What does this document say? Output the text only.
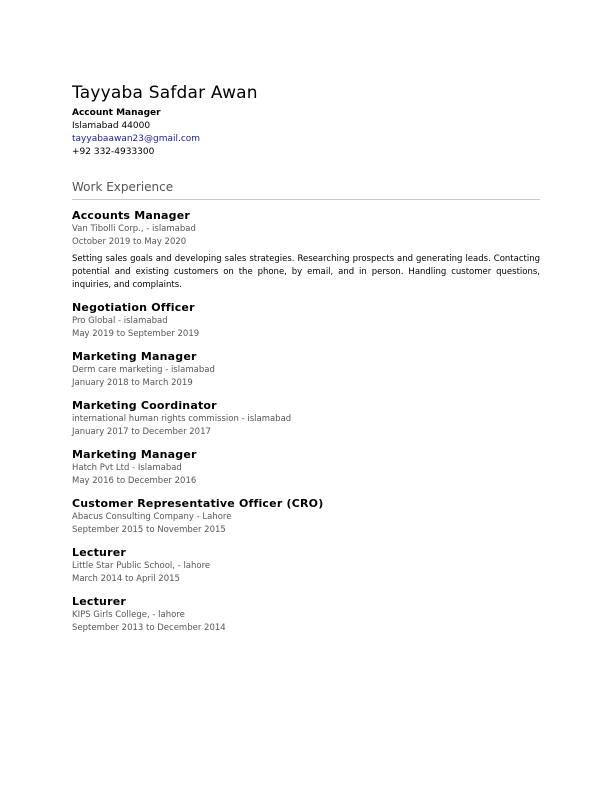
Tayyaba Safdar Awan
Account Manager
Islamabad 44000
tayyabaawan23@gmail.com
+92 332-4933300
Work Experience
Accounts Manager
Van Tibolli Corp., - islamabad
October 2019 to May 2020
Setting sales goals and developing sales strategies. Researching prospects and generating leads. Contacting potential and existing customers on the phone, by email, and in person. Handling customer questions, inquiries, and complaints.
Negotiation Officer
Pro Global - islamabad
May 2019 to September 2019
Marketing Manager
Derm care marketing - islamabad
January 2018 to March 2019
Marketing Coordinator
international human rights commission - islamabad
January 2017 to December 2017
Marketing Manager
Hatch Pvt Ltd - Islamabad
May 2016 to December 2016
Customer Representative Officer (CRO)
Abacus Consulting Company - Lahore
September 2015 to November 2015
Lecturer
Little Star Public School, - lahore
March 2014 to April 2015
Lecturer
KIPS Girls College, - lahore
September 2013 to December 2014
